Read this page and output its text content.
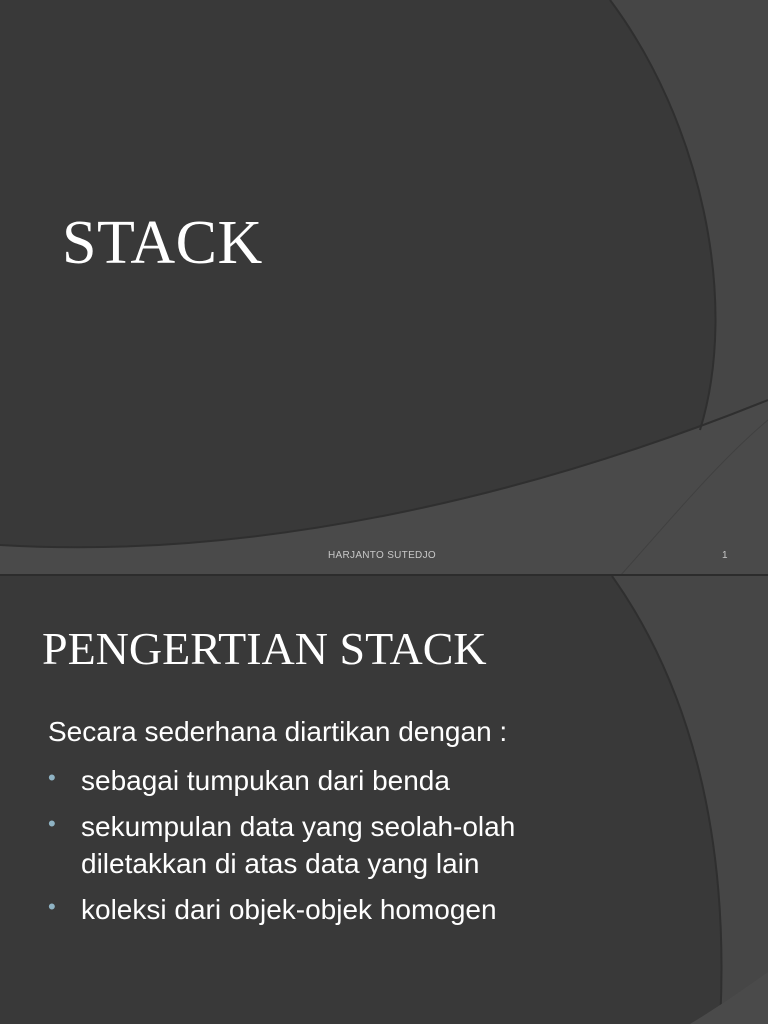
STACK
HARJANTO SUTEDJO	1
PENGERTIAN STACK
Secara sederhana diartikan dengan :
• sebagai tumpukan dari benda
• sekumpulan data yang seolah-olah
diletakkan di atas data yang lain
• koleksi dari objek-objek homogen
